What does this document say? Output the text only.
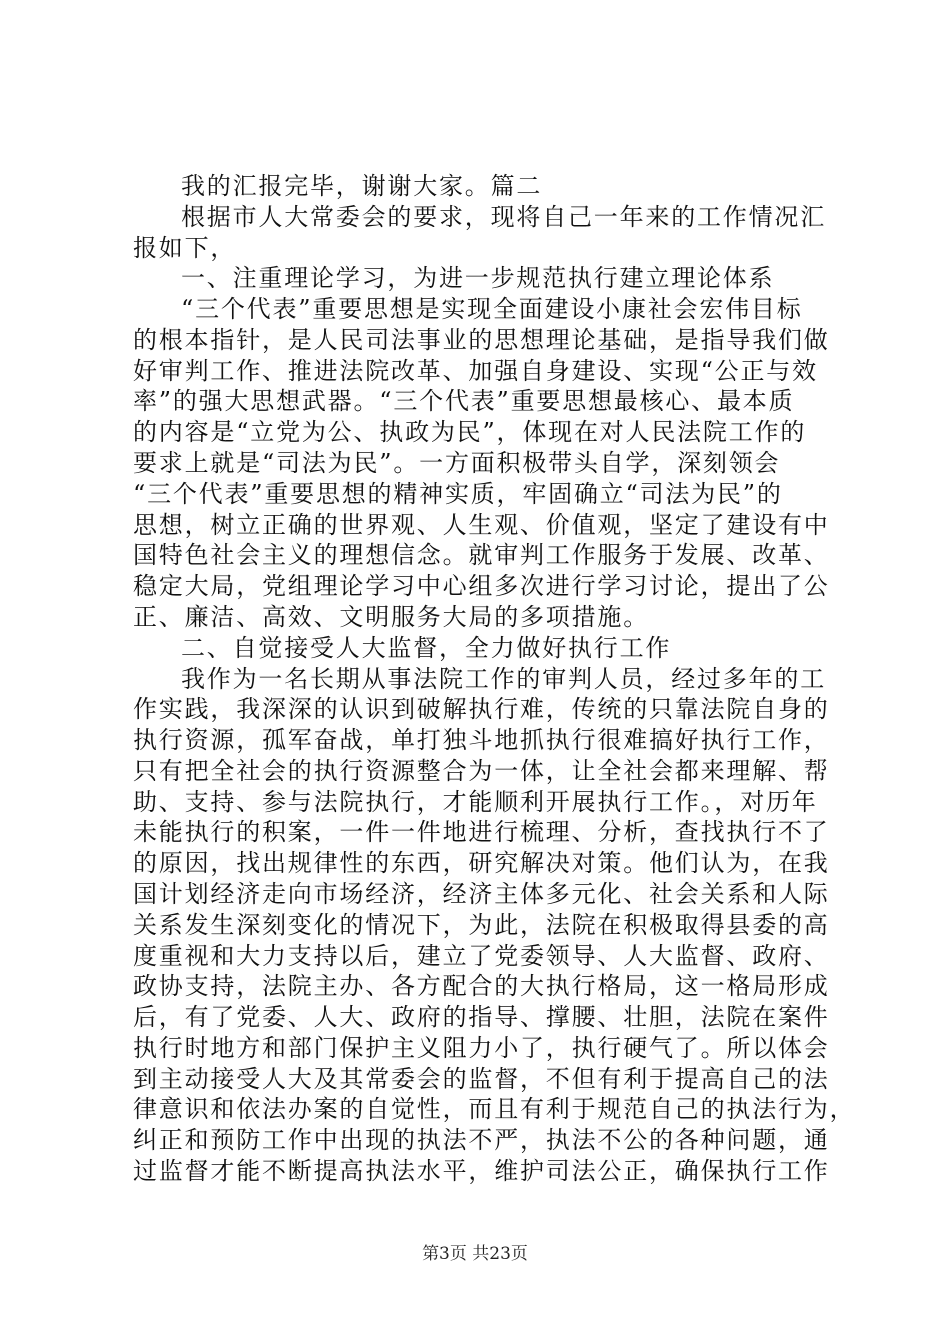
我的汇报完毕，谢谢大家。篇二
根据市人大常委会的要求，现将自己一年来的工作情况汇
报如下，
一、注重理论学习，为进一步规范执行建立理论体系
“三个代表”重要思想是实现全面建设小康社会宏伟目标
的根本指针，是人民司法事业的思想理论基础，是指导我们做
好审判工作、推进法院改革、加强自身建设、实现“公正与效
率”的强大思想武器。“三个代表”重要思想最核心、最本质
的内容是“立党为公、执政为民”，体现在对人民法院工作的
要求上就是“司法为民”。一方面积极带头自学，深刻领会
“三个代表”重要思想的精神实质，牢固确立“司法为民”的
思想，树立正确的世界观、人生观、价值观，坚定了建设有中
国特色社会主义的理想信念。就审判工作服务于发展、改革、
稳定大局，党组理论学习中心组多次进行学习讨论，提出了公
正、廉洁、高效、文明服务大局的多项措施。
二、自觉接受人大监督，全力做好执行工作
我作为一名长期从事法院工作的审判人员，经过多年的工
作实践，我深深的认识到破解执行难，传统的只靠法院自身的
执行资源，孤军奋战，单打独斗地抓执行很难搞好执行工作，
只有把全社会的执行资源整合为一体，让全社会都来理解、帮
助、支持、参与法院执行，才能顺利开展执行工作。，对历年
未能执行的积案，一件一件地进行梳理、分析，查找执行不了
的原因，找出规律性的东西，研究解决对策。他们认为，在我
国计划经济走向市场经济，经济主体多元化、社会关系和人际
关系发生深刻变化的情况下，为此，法院在积极取得县委的高
度重视和大力支持以后，建立了党委领导、人大监督、政府、
政协支持，法院主办、各方配合的大执行格局，这一格局形成
后，有了党委、人大、政府的指导、撑腰、壮胆，法院在案件
执行时地方和部门保护主义阻力小了，执行硬气了。所以体会
到主动接受人大及其常委会的监督，不但有利于提高自己的法
律意识和依法办案的自觉性，而且有利于规范自己的执法行为，
纠正和预防工作中出现的执法不严，执法不公的各种问题，通
过监督才能不断提高执法水平，维护司法公正，确保执行工作
第3页 共23页
